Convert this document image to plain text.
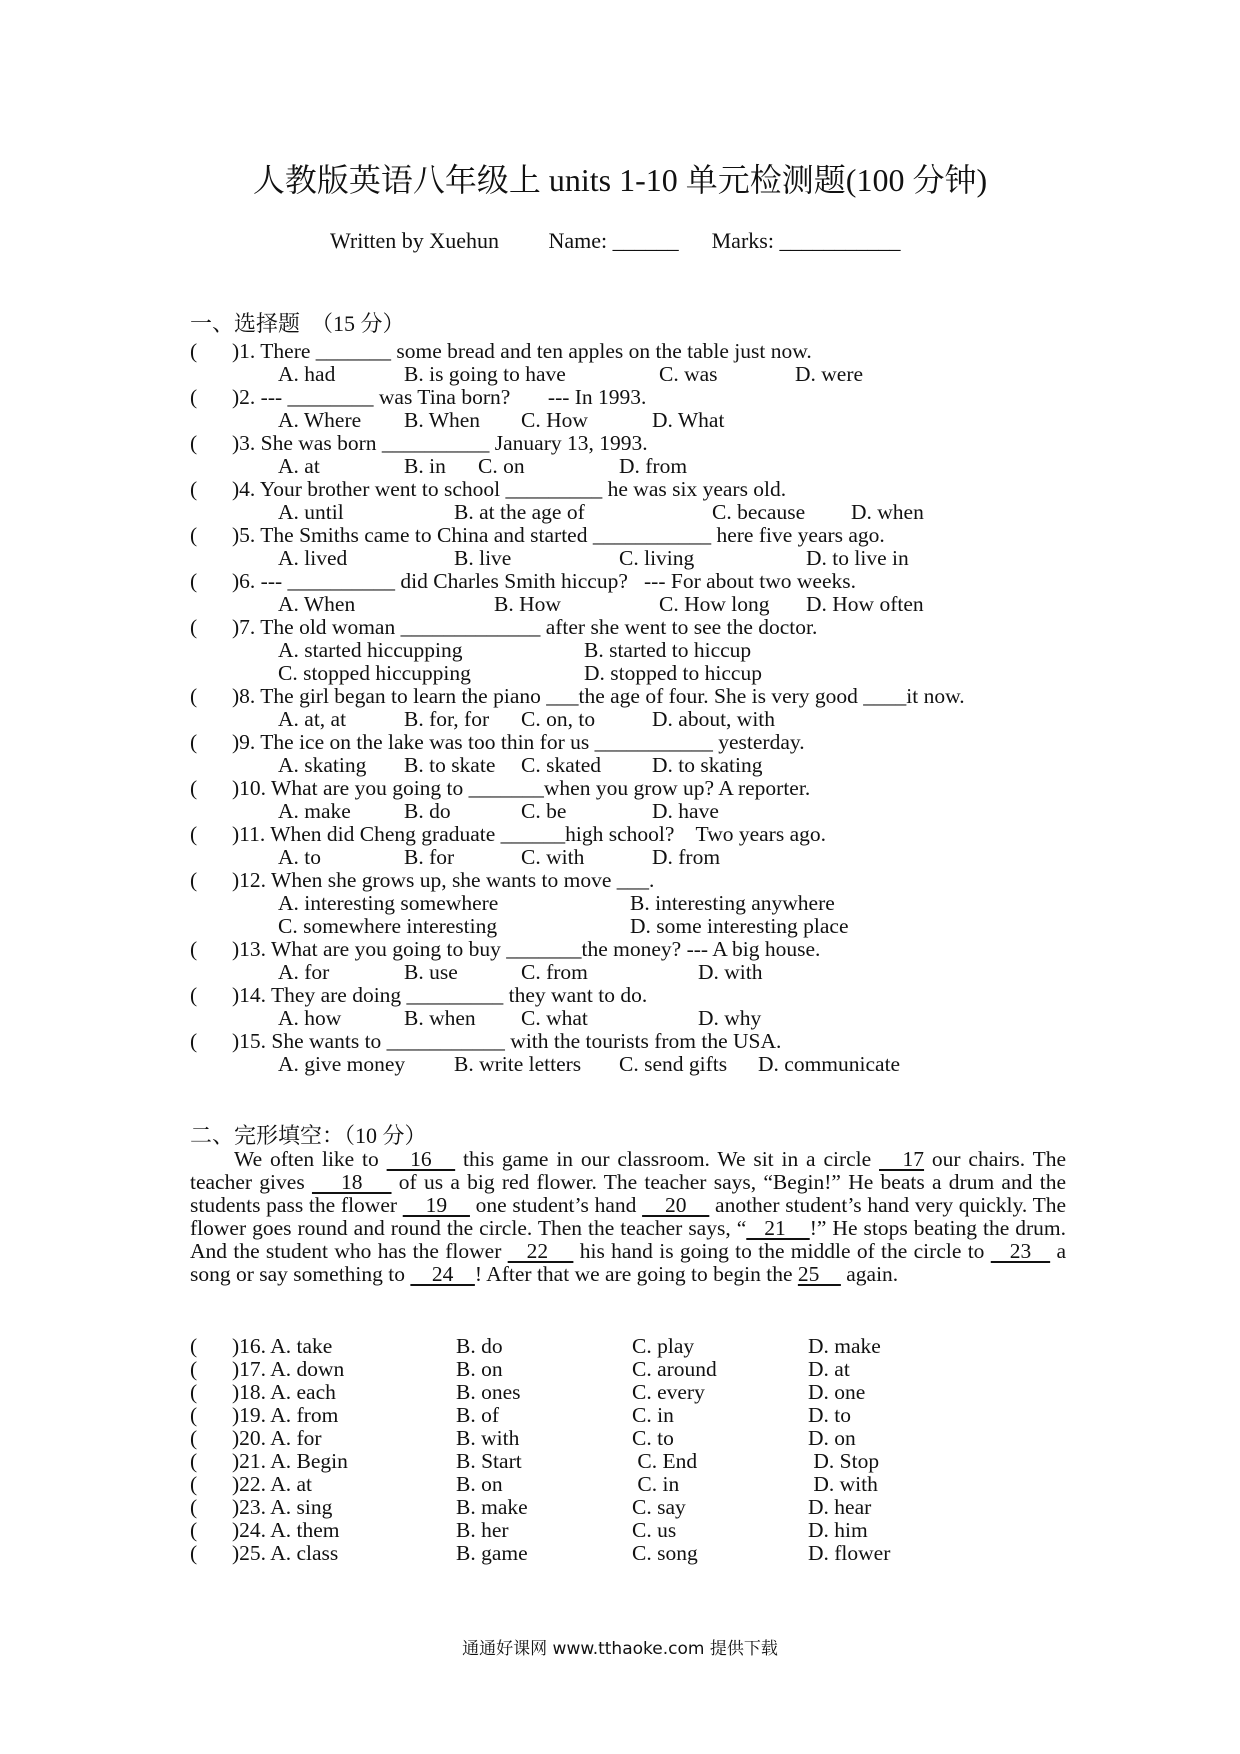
人教版英语八年级上 units 1-10 单元检测题(100 分钟)
Written by Xuehun Name: ______ Marks: ___________
一、选择题　（15 分）
( )1. There _______ some bread and ten apples on the table just now.
A. had	B. is going to have	C. was	D. were
( )2. --- ________ was Tina born?       --- In 1993.
A. Where B. When C. How	D. What
( )3. She was born __________ January 13, 1993.
A. at	B. in C. on	D. from
( )4. Your brother went to school _________ he was six years old.
A. until	B. at the age of	C. because D. when
( )5. The Smiths came to China and started ___________ here five years ago.
A. lived	B. live	C. living	D. to live in
( )6. --- __________ did Charles Smith hiccup?   --- For about two weeks.
A. When	B. How	C. How long D. How often
( )7. The old woman _____________ after she went to see the doctor.
A. started hiccupping	B. started to hiccup
C. stopped hiccupping	D. stopped to hiccup
( )8. The girl began to learn the piano ___the age of four. She is very good ____it now.
A. at, at	B. for, for C. on, to	D. about, with
( )9. The ice on the lake was too thin for us ___________ yesterday.
A. skating B. to skate C. skated D. to skating
( )10. What are you going to _______when you grow up? A reporter.
A. make B. do	C. be	D. have
( )11. When did Cheng graduate ______high school?    Two years ago.
A. to	B. for	C. with	D. from
( )12. When she grows up, she wants to move ___.
A. interesting somewhere	B. interesting anywhere
C. somewhere interesting	D. some interesting place
( )13. What are you going to buy _______the money? --- A big house.
A. for	B. use	C. from	D. with
( )14. They are doing _________ they want to do.
A. how	B. when C. what	D. why
( )15. She wants to ___________ with the tourists from the USA.
A. give money B. write letters C. send gifts D. communicate
二、完形填空：（10 分）
We often like to    16    this game in our classroom. We sit in a circle    17 our chairs. The teacher gives     18     of us a big red flower. The teacher says, “Begin!” He beats a drum and the students pass the flower     19     one student’s hand     20     another student’s hand very quickly. The flower goes round and round the circle. Then the teacher says, “   21    !” He stops beating the drum. And the student who has the flower    22     his hand is going to the middle of the circle to    23    a song or say something to     24    ! After that we are going to begin the 25     again.
( )16. A. take	B. do	C. play	D. make
( )17. A. down	B. on	C. around	D. at
( )18. A. each	B. ones	C. every	D. one
( )19. A. from	B. of	C. in	D. to
( )20. A. for	B. with	C. to	D. on
( )21. A. Begin	B. Start	C. End	D. Stop
( )22. A. at	B. on	C. in	D. with
( )23. A. sing	B. make	C. say	D. hear
( )24. A. them	B. her	C. us	D. him
( )25. A. class	B. game	C. song	D. flower
通通好课网 www.tthaoke.com 提供下载
